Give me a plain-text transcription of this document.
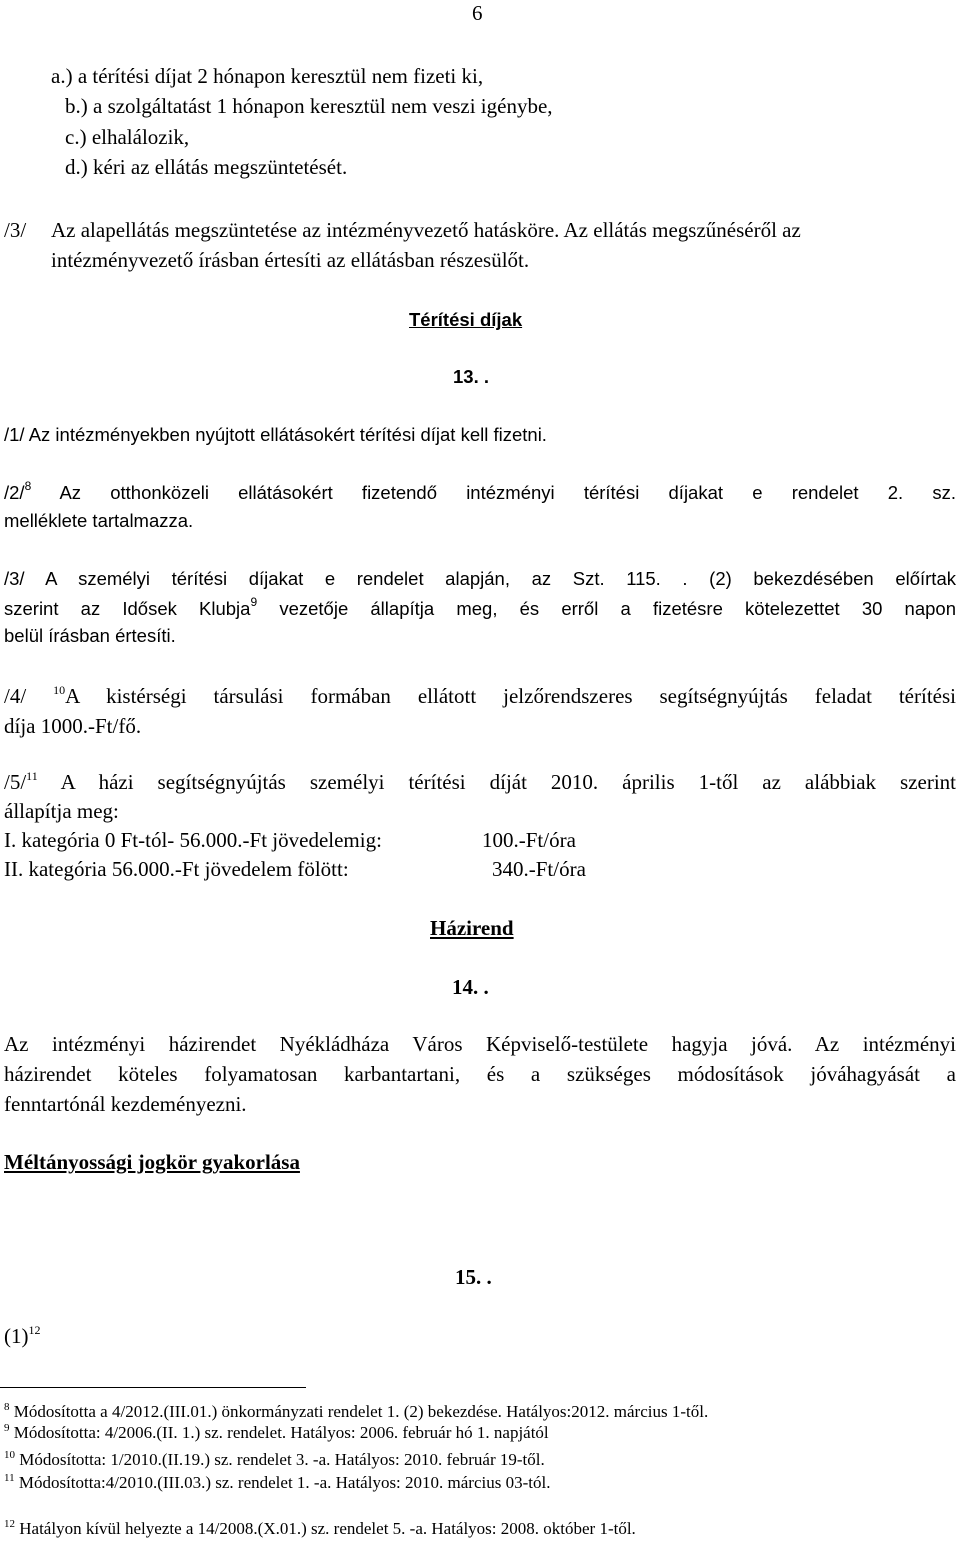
6
a.) a térítési díjat 2 hónapon keresztül nem fizeti ki,
b.) a szolgáltatást 1 hónapon keresztül nem veszi igénybe,
c.) elhalálozik,
d.) kéri az ellátás megszüntetését.
/3/ Az alapellátás megszüntetése az intézményvezető hatásköre. Az ellátás megszűnéséről az
intézményvezető írásban értesíti az ellátásban részesülőt.
Térítési díjak
13. .
/1/ Az intézményekben nyújtott ellátásokért térítési díjat kell fizetni.
/2/$^8$ Az otthonközeli ellátásokért fizetendő intézményi térítési díjakat e rendelet 2. sz.
melléklete tartalmazza.
/3/ A személyi térítési díjakat e rendelet alapján, az Szt. 115. . (2) bekezdésében előírtak
szerint az Idősek Klubja$^9$ vezetője állapítja meg, és erről a fizetésre kötelezettet 30 napon
belül írásban értesíti.
/4/ $^{10}$A kistérségi társulási formában ellátott jelzőrendszeres segítségnyújtás feladat térítési
díja 1000.-Ft/fő.
/5/$^{11}$ A házi segítségnyújtás személyi térítési díját 2010. április 1-től az alábbiak szerint
állapítja meg:
I. kategória 0 Ft-tól- 56.000.-Ft jövedelemig:	100.-Ft/óra
II. kategória 56.000.-Ft jövedelem fölött:	340.-Ft/óra
Házirend
14. .
Az intézményi házirendet Nyékládháza Város Képviselő-testülete hagyja jóvá. Az intézményi
házirendet köteles folyamatosan karbantartani, és a szükséges módosítások jóváhagyását a
fenntartónál kezdeményezni.
Méltányossági jogkör gyakorlása
15. .
$(1)^{12}$
$^8$ Módosította a 4/2012.(III.01.) önkormányzati rendelet 1. (2) bekezdése. Hatályos:2012. március 1-től.
$^9$ Módosította: 4/2006.(II. 1.) sz. rendelet. Hatályos: 2006. február hó 1. napjától
$^{10}$ Módosította: 1/2010.(II.19.) sz. rendelet 3. -a. Hatályos: 2010. február 19-től.
$^{11}$ Módosította:4/2010.(III.03.) sz. rendelet 1. -a. Hatályos: 2010. március 03-tól.
$^{12}$ Hatályon kívül helyezte a 14/2008.(X.01.) sz. rendelet 5. -a. Hatályos: 2008. október 1-től.
